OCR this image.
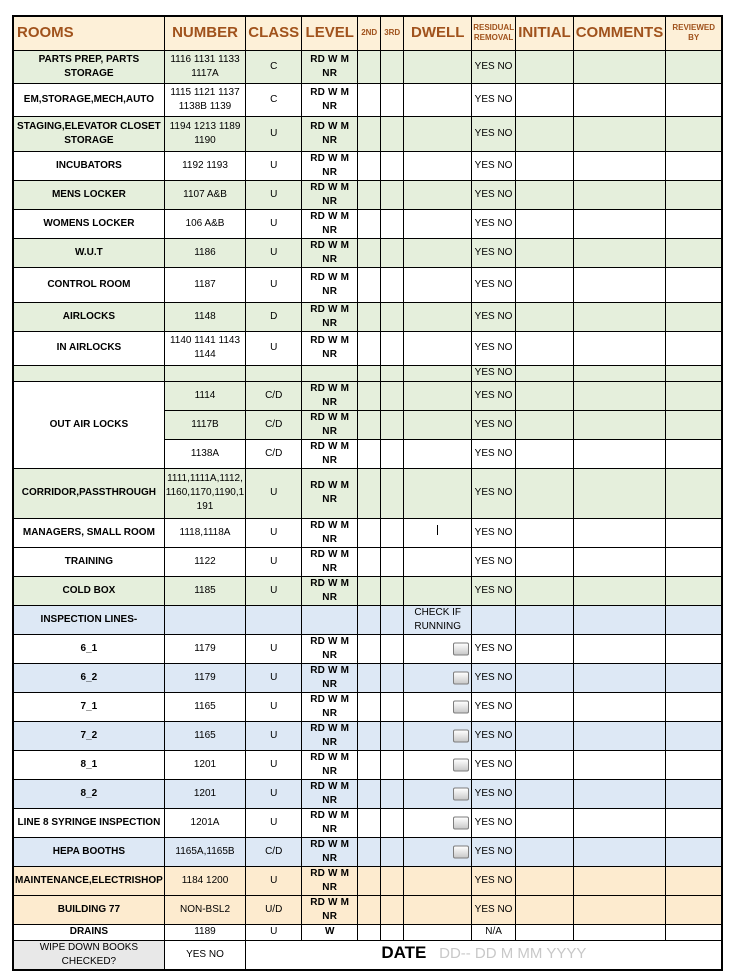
ROOMS	NUMBER	CLASS	LEVEL	2ND	3RD	DWELL	RESIDUAL REMOVAL	INITIAL	COMMENTS	REVIEWED BY
PARTS PREP, PARTS STORAGE	1116 1131 1133 1117A	C	RD W M NR				YES NO			
EM,STORAGE,MECH,AUTO	1115 1121 1137 1138B 1139	C	RD W M NR				YES NO			
STAGING,ELEVATOR CLOSET STORAGE	1194 1213 1189 1190	U	RD W M NR				YES NO			
INCUBATORS	1192 1193	U	RD W M NR				YES NO			
MENS LOCKER	1107 A&B	U	RD W M NR				YES NO			
WOMENS LOCKER	106 A&B	U	RD W M NR				YES NO			
W.U.T	1186	U	RD W M NR				YES NO			
CONTROL ROOM	1187	U	RD W M NR				YES NO			
AIRLOCKS	1148	D	RD W M NR				YES NO			
IN AIRLOCKS	1140 1141 1143 1144	U	RD W M NR				YES NO			
							YES NO			
OUT AIR LOCKS	1114	C/D	RD W M NR				YES NO			
	1117B	C/D	RD W M NR				YES NO			
	1138A	C/D	RD W M NR				YES NO			
CORRIDOR,PASSTHROUGH	1111,1111A,1112, 1160,1170,1190,1 191	U	RD W M NR				YES NO			
MANAGERS, SMALL ROOM	1118,1118A	U	RD W M NR				YES NO			
TRAINING	1122	U	RD W M NR				YES NO			
COLD BOX	1185	U	RD W M NR				YES NO			
INSPECTION LINES-						CHECK IF RUNNING				
6_1	1179	U	RD W M NR				YES NO			
6_2	1179	U	RD W M NR				YES NO			
7_1	1165	U	RD W M NR				YES NO			
7_2	1165	U	RD W M NR				YES NO			
8_1	1201	U	RD W M NR				YES NO			
8_2	1201	U	RD W M NR				YES NO			
LINE 8 SYRINGE INSPECTION	1201A	U	RD W M NR				YES NO			
HEPA BOOTHS	1165A,1165B	C/D	RD W M NR				YES NO			
MAINTENANCE,ELECTRISHOP	1184 1200	U	RD W M NR				YES NO			
BUILDING 77	NON-BSL2	U/D	RD W M NR				YES NO			
DRAINS	1189	U	W				N/A			
WIPE DOWN BOOKS CHECKED?	YES NO	DATE DD-- DD M MM YYYY								
